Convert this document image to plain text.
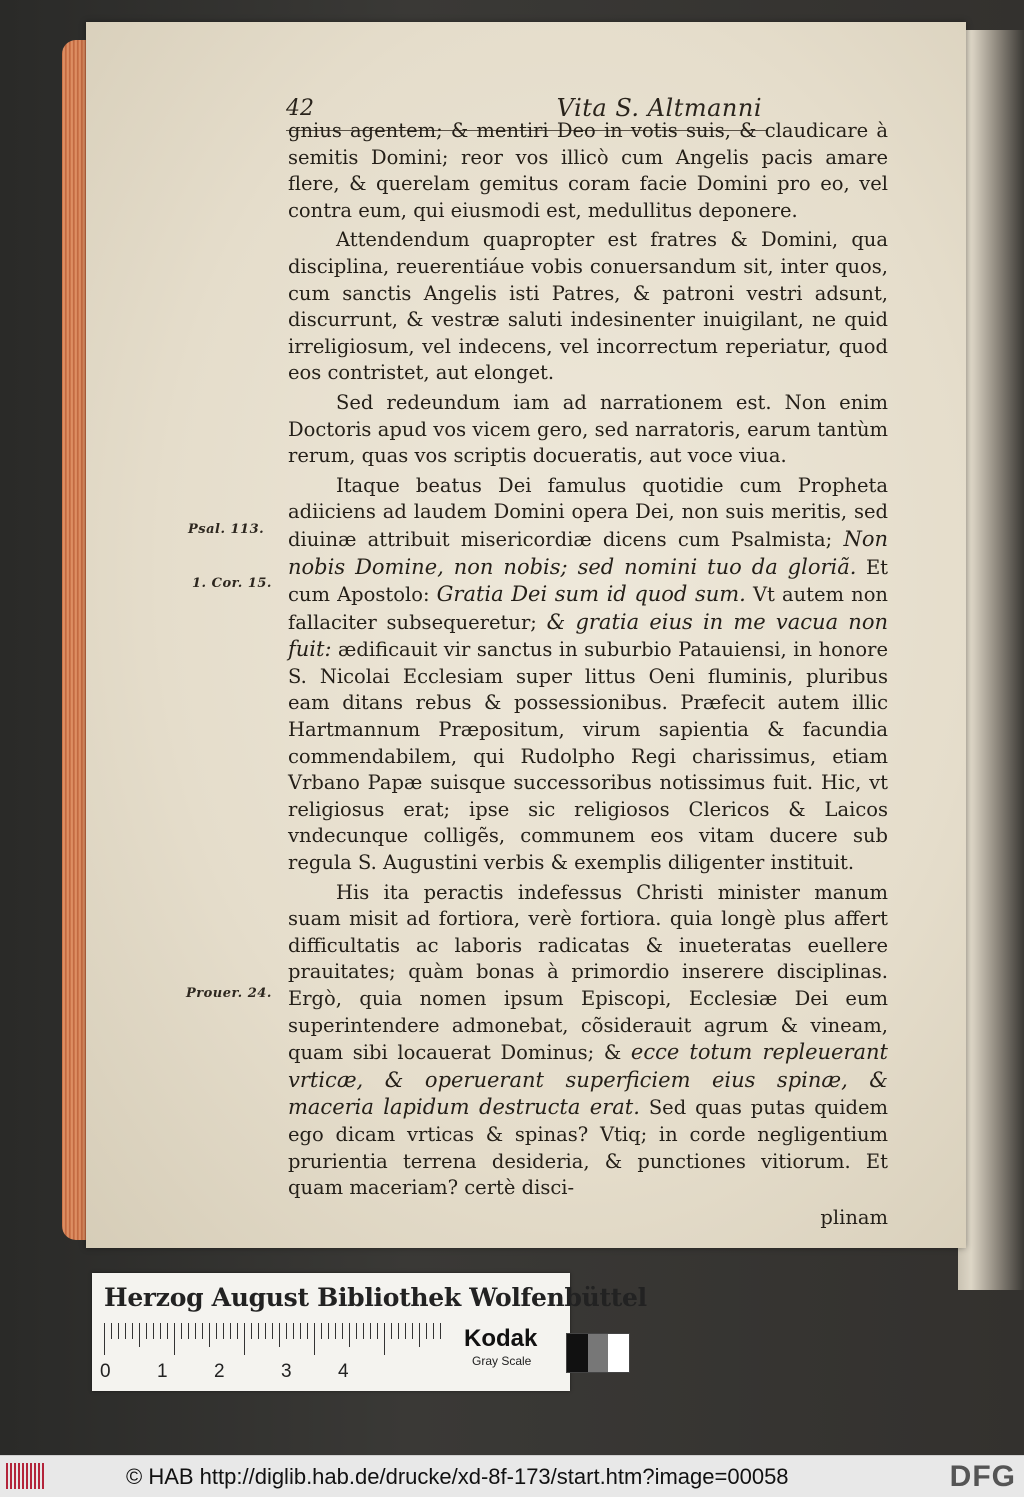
42	Vita S. Altmanni

gnius agentem; & mentiri Deo in votis suis, & claudicare à semitis Domini; reor vos illicò cum Angelis pacis amare flere, & querelam gemitus coram facie Domini pro eo, vel contra eum, qui eiusmodi est, medullitus deponere.

Attendendum quapropter est fratres & Domini, qua disciplina, reuerentiáue vobis conuersandum sit, inter quos, cum sanctis Angelis isti Patres, & patroni vestri adsunt, discurrunt, & vestræ saluti indesinenter inuigilant, ne quid irreligiosum, vel indecens, vel incorrectum reperiatur, quod eos contristet, aut elonget.

Sed redeundum iam ad narrationem est. Non enim Doctoris apud vos vicem gero, sed narratoris, earum tantùm rerum, quas vos scriptis docueratis, aut voce viua.

Itaque beatus Dei famulus quotidie cum Propheta adiiciens ad laudem Domini opera Dei, non suis meritis, sed diuinæ attribuit misericordiæ dicens cum Psalmista; Non nobis Domine, non nobis; sed nomini tuo da gloriã. Et cum Apostolo: Gratia Dei sum id quod sum. Vt autem non fallaciter subsequeretur; & gratia eius in me vacua non fuit: ædificauit vir sanctus in suburbio Patauiensi, in honore S. Nicolai Ecclesiam super littus Oeni fluminis, pluribus eam ditans rebus & possessionibus. Præfecit autem illic Hartmannum Præpositum, virum sapientia & facundia commendabilem, qui Rudolpho Regi charissimus, etiam Vrbano Papæ suisque successoribus notissimus fuit. Hic, vt religiosus erat; ipse sic religiosos Clericos & Laicos vndecunque colligẽs, communem eos vitam ducere sub regula S. Augustini verbis & exemplis diligenter instituit.

His ita peractis indefessus Christi minister manum suam misit ad fortiora, verè fortiora. quia longè plus affert difficultatis ac laboris radicatas & inueteratas euellere prauitates; quàm bonas à primordio inserere disciplinas. Ergò, quia nomen ipsum Episcopi, Ecclesiæ Dei eum superintendere admonebat, cõsiderauit agrum & vineam, quam sibi locauerat Dominus; & ecce totum repleuerant vrticæ, & operuerant superficiem eius spinæ, & maceria lapidum destructa erat. Sed quas putas quidem ego dicam vrticas & spinas? Vtiq; in corde negligentium prurientia terrena desideria, & punctiones vitiorum. Et quam maceriam? certè disci-

plinam
Psal. 113.
1. Cor. 15.
Prouer. 24.
Herzog August Bibliothek Wolfenbüttel
0 1 2	3 4
Kodak
Gray Scale
© HAB http://diglib.hab.de/drucke/xd-8f-173/start.htm?image=00058	DFG
